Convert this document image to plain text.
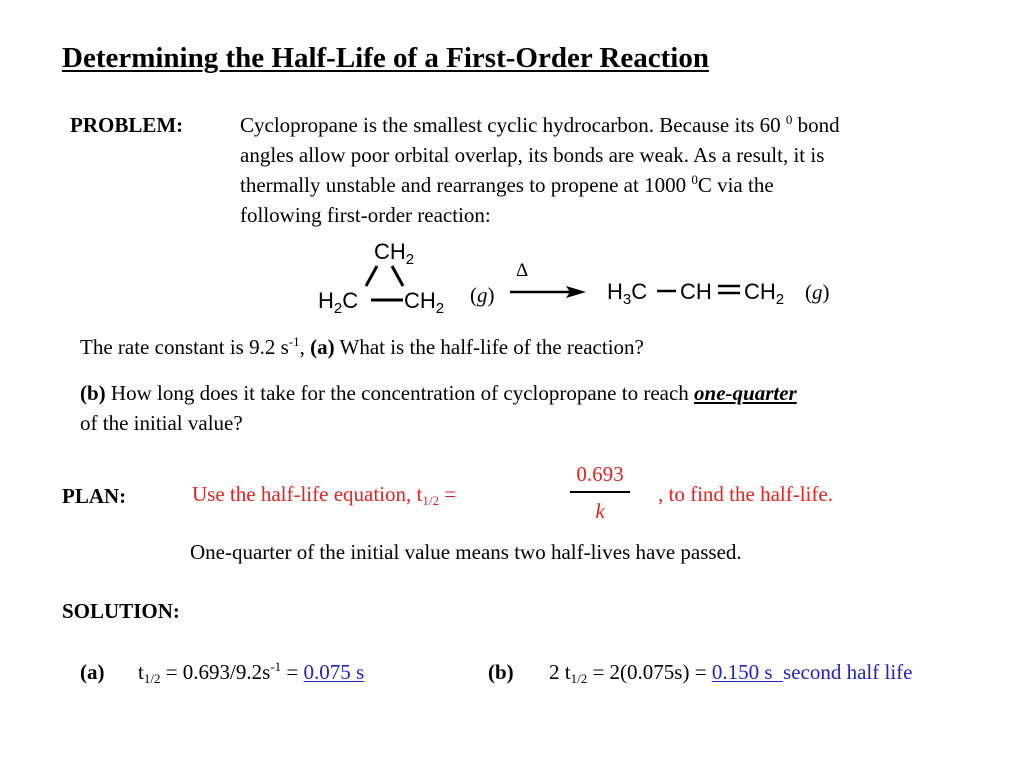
Determining the Half-Life of a First-Order Reaction
PROBLEM:	Cyclopropane is the smallest cyclic hydrocarbon. Because its 60 $^0$ bond
angles allow poor orbital overlap, its bonds are weak. As a result, it is
thermally unstable and rearranges to propene at 1000 $^0$C via the
following first-order reaction:
$CH_2$
$H_2C$ $CH_2$
(g)
Δ
$H_3C$ CH $CH_2$ (g)
The rate constant is 9.2 $s^{-1}$, (a) What is the half-life of the reaction?
(b) How long does it take for the concentration of cyclopropane to reach one-quarter
of the initial value?
PLAN:	Use the half-life equation, $t_{1/2}$ =
0.693
k
, to find the half-life.
One-quarter of the initial value means two half-lives have passed.
SOLUTION:
(a) $t_{1/2} = 0.693/9.2s^{-1} = 0.075$ s	(b) 2 $t_{1/2} = 2(0.075s) = 0.150$ s  second half life
